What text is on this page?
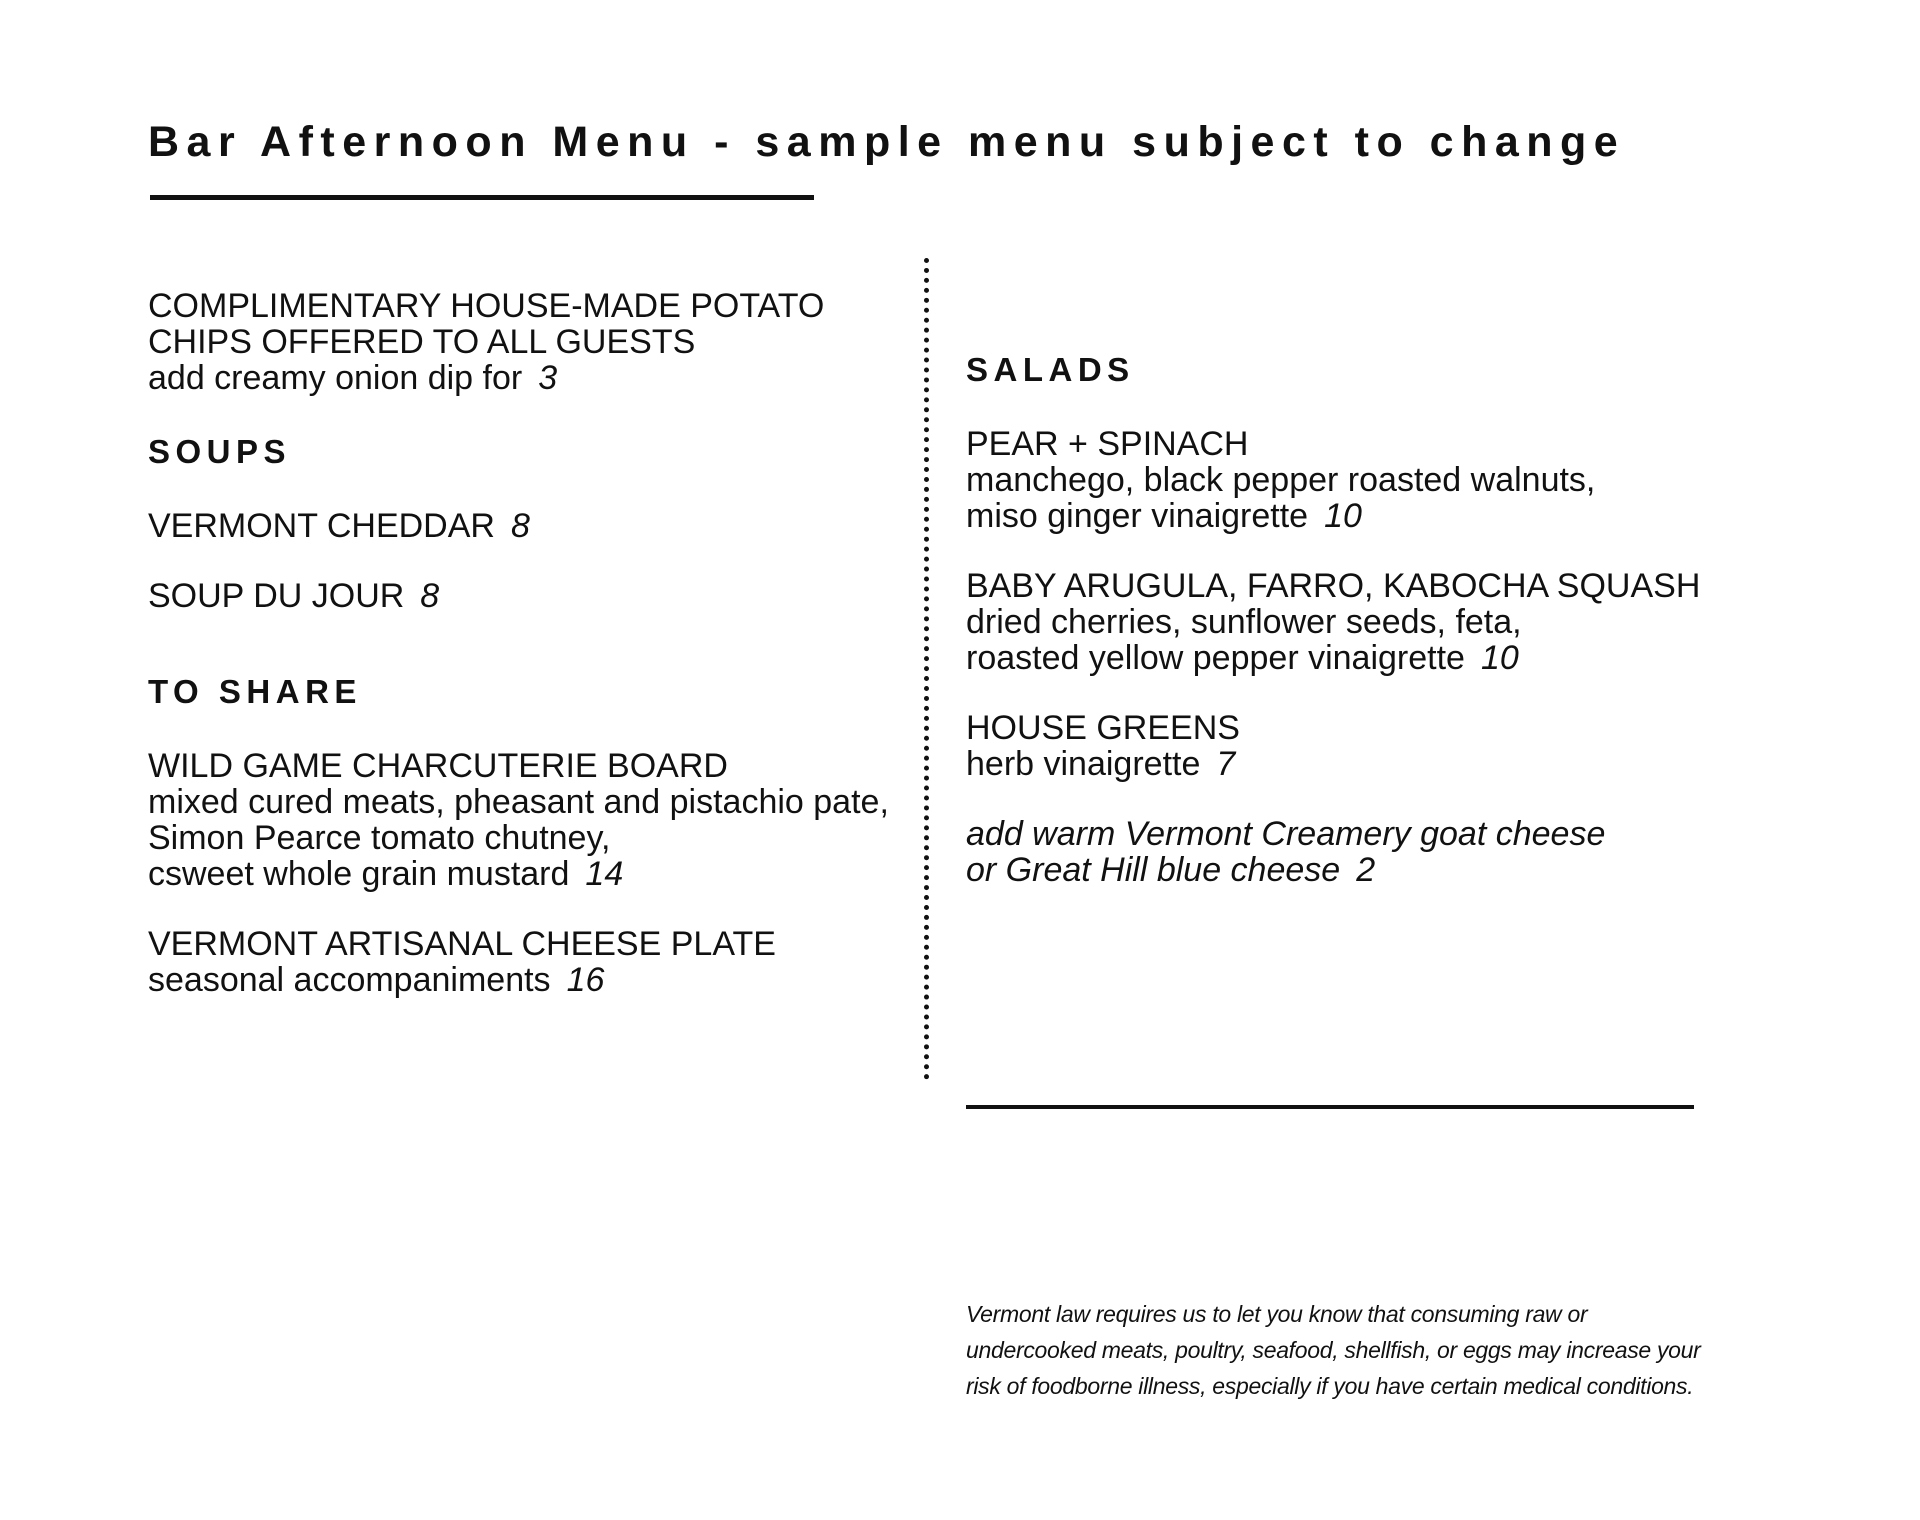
Bar Afternoon Menu - sample menu subject to change
COMPLIMENTARY HOUSE-MADE POTATO
CHIPS OFFERED TO ALL GUESTS
add creamy onion dip for 3
SOUPS
VERMONT CHEDDAR 8
SOUP DU JOUR 8
TO SHARE
WILD GAME CHARCUTERIE BOARD
mixed cured meats, pheasant and pistachio pate,
Simon Pearce tomato chutney,
csweet whole grain mustard 14
VERMONT ARTISANAL CHEESE PLATE
seasonal accompaniments 16
SALADS
PEAR + SPINACH
manchego, black pepper roasted walnuts,
miso ginger vinaigrette 10
BABY ARUGULA, FARRO, KABOCHA SQUASH
dried cherries, sunflower seeds, feta,
roasted yellow pepper vinaigrette 10
HOUSE GREENS
herb vinaigrette 7
add warm Vermont Creamery goat cheese
or Great Hill blue cheese 2
Vermont law requires us to let you know that consuming raw or undercooked meats, poultry, seafood, shellfish, or eggs may increase your risk of foodborne illness, especially if you have certain medical conditions.
